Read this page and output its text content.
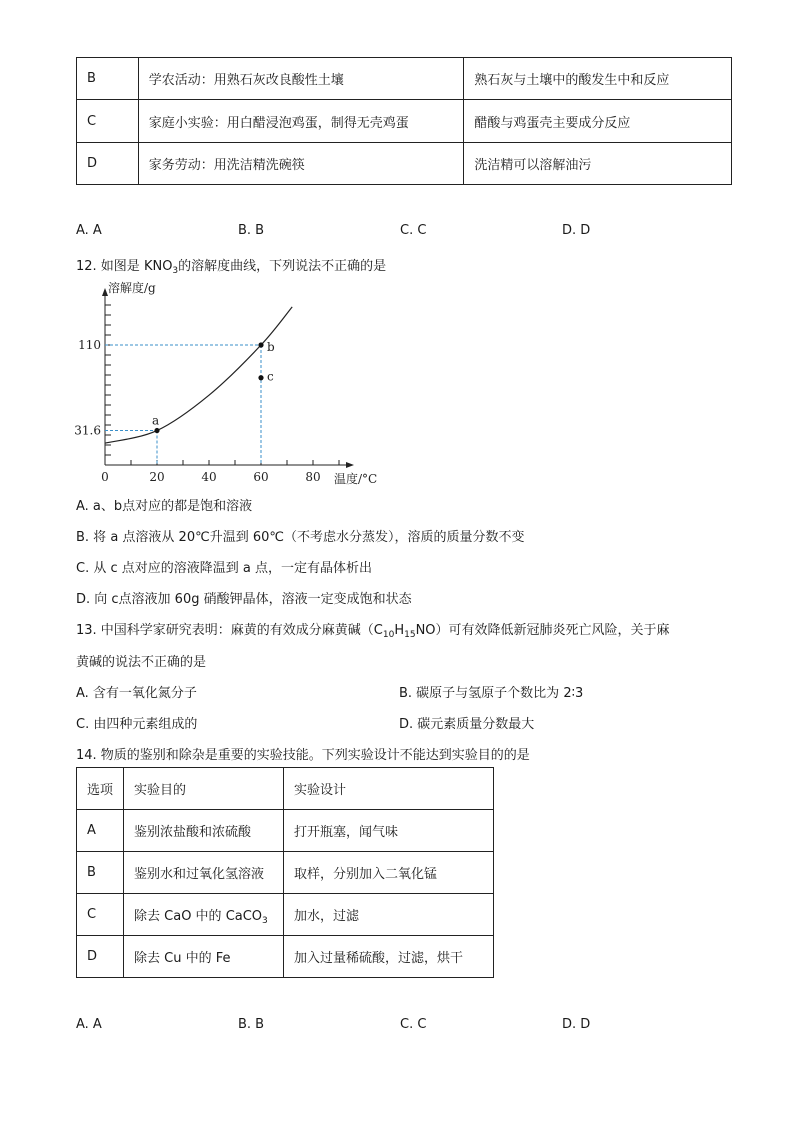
B	学农活动：用熟石灰改良酸性土壤	熟石灰与土壤中的酸发生中和反应
C	家庭小实验：用白醋浸泡鸡蛋，制得无壳鸡蛋	醋酸与鸡蛋壳主要成分反应
D	家务劳动：用洗洁精洗碗筷	洗洁精可以溶解油污
A. A	B. B	C. C	D. D
12. 如图是 $KNO_3$的溶解度曲线，下列说法不正确的是
溶解度/g
温度/°C
0	20	40	60	80
31.6
110
a
b
c
A. a、b点对应的都是饱和溶液
B. 将 a 点溶液从 20℃升温到 60℃（不考虑水分蒸发），溶质的质量分数不变
C. 从 c 点对应的溶液降温到 a 点，一定有晶体析出
D. 向 c点溶液加 60g 硝酸钾晶体，溶液一定变成饱和状态
13. 中国科学家研究表明：麻黄的有效成分麻黄碱$(C_{10}H_{15}NO)$可有效降低新冠肺炎死亡风险，关于麻
黄碱的说法不正确的是
A. 含有一氧化氮分子	B. 碳原子与氢原子个数比为 2∶3
C. 由四种元素组成的	D. 碳元素质量分数最大
14. 物质的鉴别和除杂是重要的实验技能。下列实验设计不能达到实验目的的是
选项	实验目的	实验设计
A	鉴别浓盐酸和浓硫酸	打开瓶塞，闻气味
B	鉴别水和过氧化氢溶液	取样，分别加入二氧化锰
C	除去 CaO 中的 CaCO$_3$	加水，过滤
D	除去 Cu 中的 Fe	加入过量稀硫酸，过滤，烘干
A. A	B. B	C. C	D. D
